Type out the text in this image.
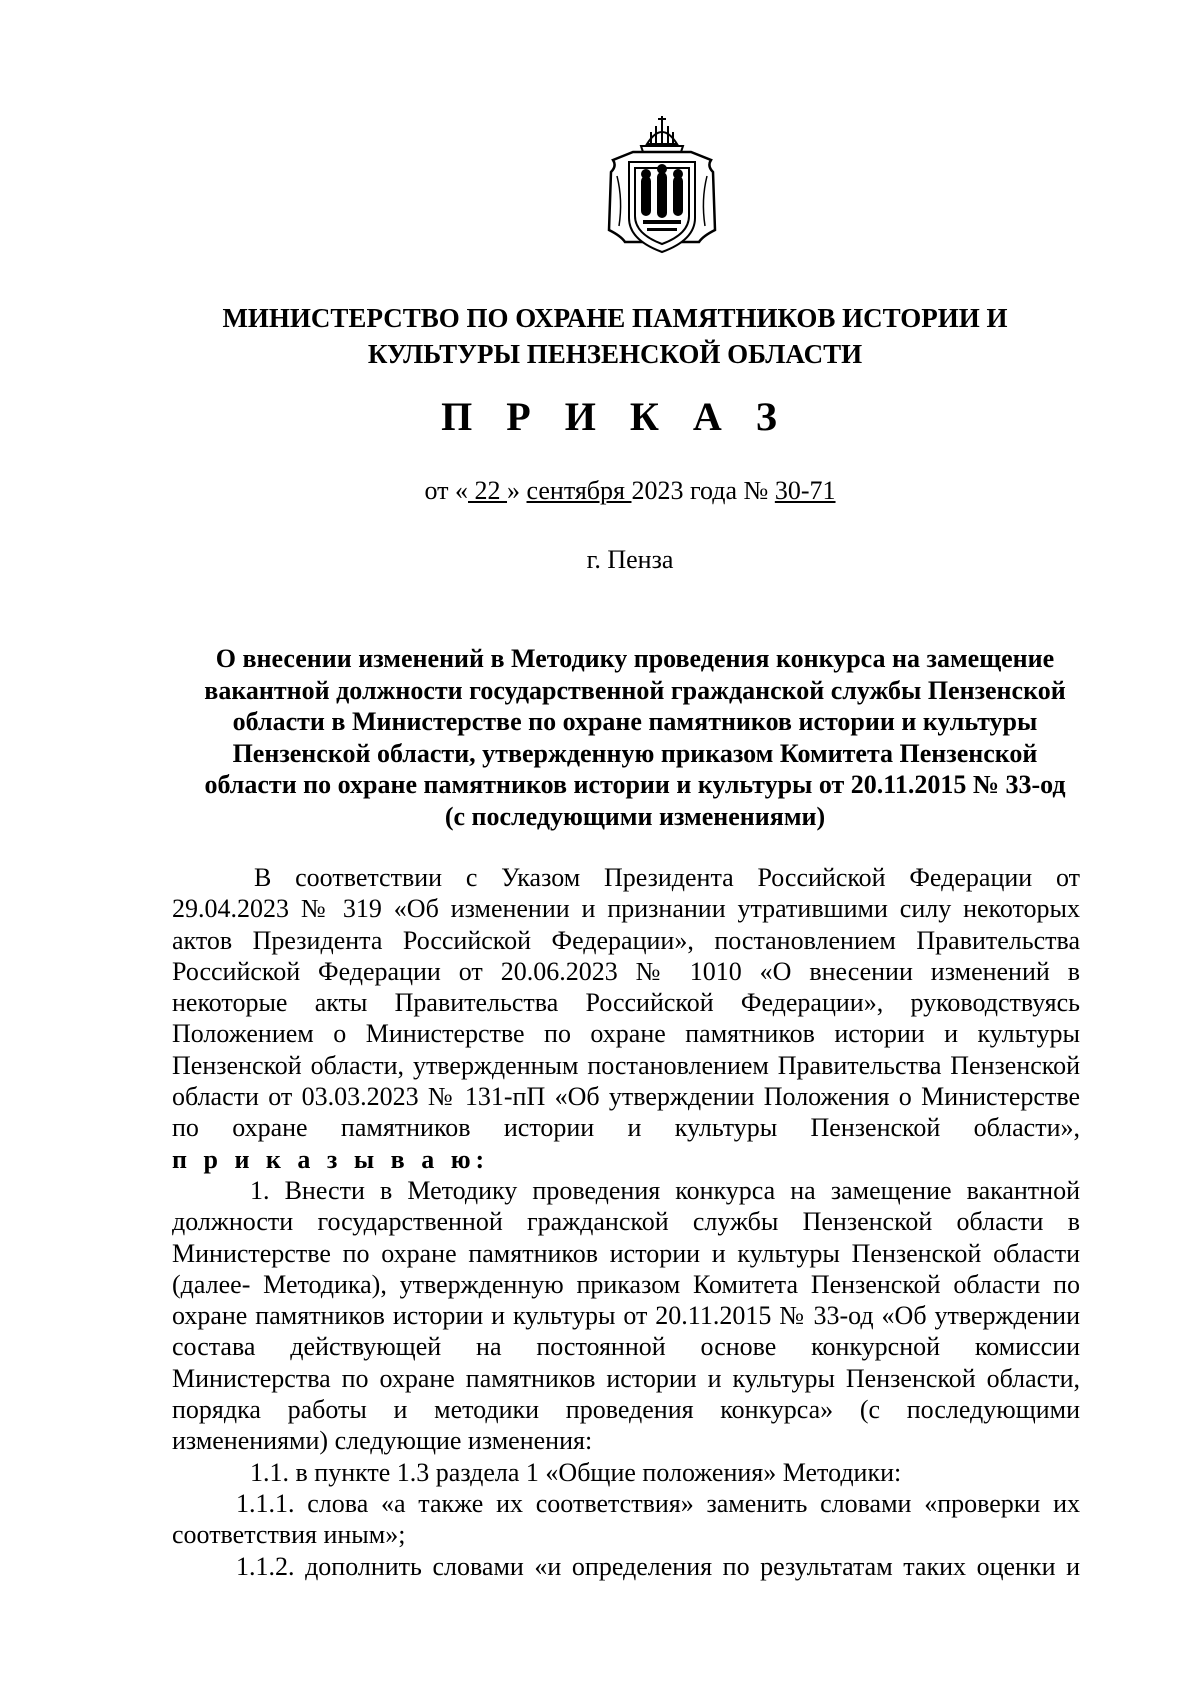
МИНИСТЕРСТВО ПО ОХРАНЕ ПАМЯТНИКОВ ИСТОРИИ И
КУЛЬТУРЫ ПЕНЗЕНСКОЙ ОБЛАСТИ
П Р И К А З
от « 22 » сентября 2023 года № 30-71
г. Пенза
О внесении изменений в Методику проведения конкурса на замещение
вакантной должности государственной гражданской службы Пензенской
области в Министерстве по охране памятников истории и культуры
Пензенской области, утвержденную приказом Комитета Пензенской
области по охране памятников истории и культуры от 20.11.2015 № 33-од
(с последующими изменениями)
В соответствии с Указом Президента Российской Федерации от
29.04.2023 № 319 «Об изменении и признании утратившими силу некоторых
актов Президента Российской Федерации», постановлением Правительства
Российской Федерации от 20.06.2023 № 1010 «О внесении изменений в
некоторые акты Правительства Российской Федерации», руководствуясь
Положением о Министерстве по охране памятников истории и культуры
Пензенской области, утвержденным постановлением Правительства Пензенской
области от 03.03.2023 № 131-пП «Об утверждении Положения о Министерстве
по охране памятников истории и культуры Пензенской области»,
п р и к а з ы в а ю:
1. Внести в Методику проведения конкурса на замещение вакантной
должности государственной гражданской службы Пензенской области в
Министерстве по охране памятников истории и культуры Пензенской области
(далее- Методика), утвержденную приказом Комитета Пензенской области по
охране памятников истории и культуры от 20.11.2015 № 33-од «Об утверждении
состава действующей на постоянной основе конкурсной комиссии
Министерства по охране памятников истории и культуры Пензенской области,
порядка работы и методики проведения конкурса» (с последующими
изменениями) следующие изменения:
1.1. в пункте 1.3 раздела 1 «Общие положения» Методики:
1.1.1. слова «а также их соответствия» заменить словами «проверки их
соответствия иным»;
1.1.2. дополнить словами «и определения по результатам таких оценки и
